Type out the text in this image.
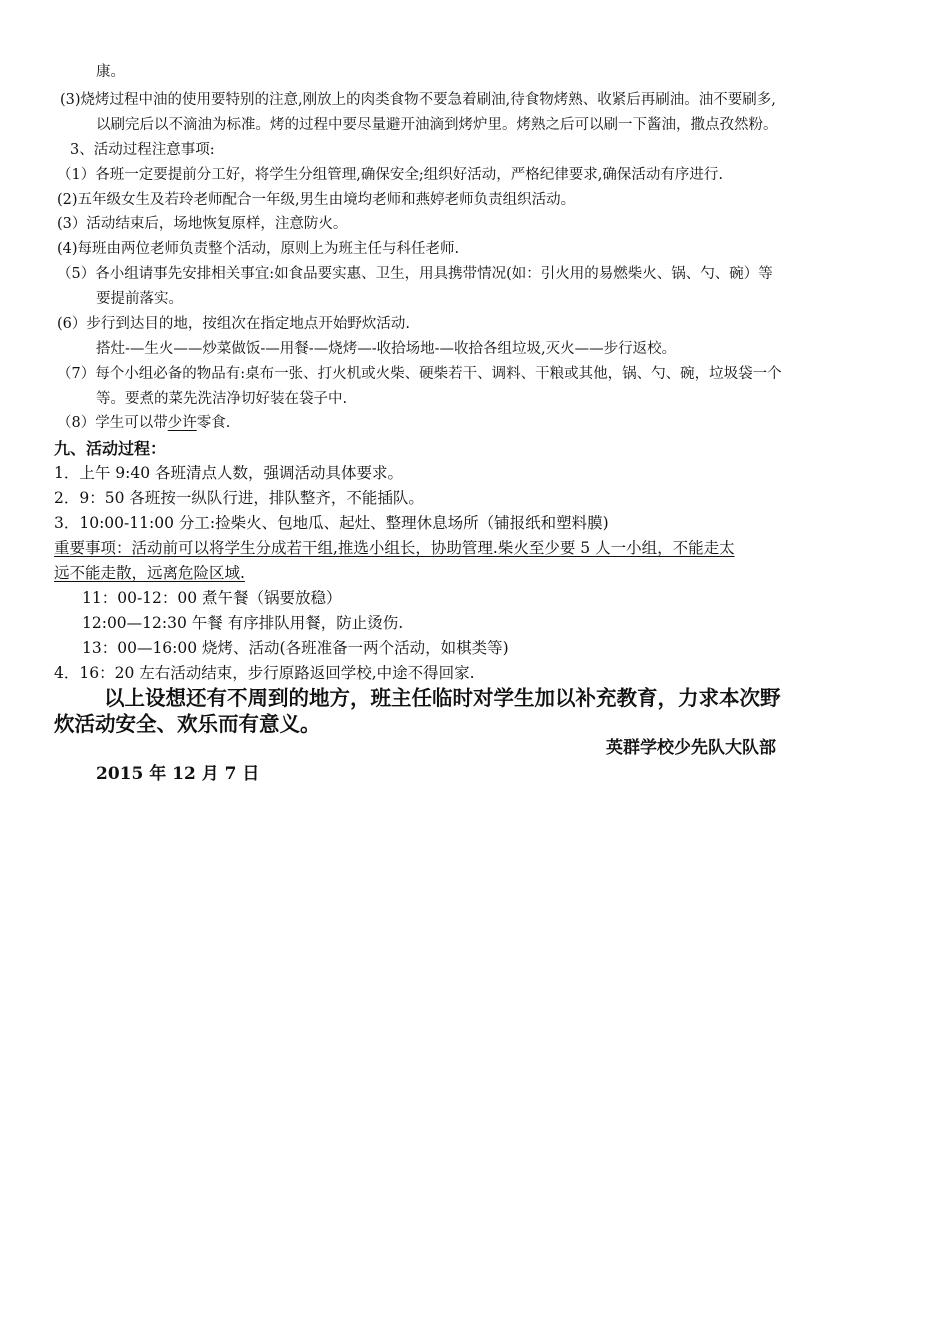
康。
(3)烧烤过程中油的使用要特别的注意,刚放上的肉类食物不要急着刷油,待食物烤熟、收紧后再刷油。油不要刷多,
以刷完后以不滴油为标准。烤的过程中要尽量避开油滴到烤炉里。烤熟之后可以刷一下酱油，撒点孜然粉。
3、活动过程注意事项:
（1）各班一定要提前分工好，将学生分组管理,确保安全;组织好活动，严格纪律要求,确保活动有序进行.
(2)五年级女生及若玲老师配合一年级,男生由境均老师和燕婷老师负责组织活动。
(3）活动结束后，场地恢复原样，注意防火。
(4)每班由两位老师负责整个活动，原则上为班主任与科任老师.
（5）各小组请事先安排相关事宜:如食品要实惠、卫生，用具携带情况(如：引火用的易燃柴火、锅、勺、碗）等
要提前落实。
(6）步行到达目的地，按组次在指定地点开始野炊活动.
搭灶-—生火——炒菜做饭-—用餐-—烧烤—-收拾场地-—收拾各组垃圾,灭火——步行返校。
（7）每个小组必备的物品有:桌布一张、打火机或火柴、硬柴若干、调料、干粮或其他，锅、勺、碗，垃圾袋一个
等。要煮的菜先洗洁净切好装在袋子中.
（8）学生可以带少许零食.
九、活动过程：
1．上午 9:40 各班清点人数，强调活动具体要求。
2．9：50 各班按一纵队行进，排队整齐，不能插队。
3．10:00-11:00 分工:捡柴火、包地瓜、起灶、整理休息场所（铺报纸和塑料膜)
重要事项：活动前可以将学生分成若干组,推选小组长，协助管理.柴火至少要 5 人一小组，不能走太
远不能走散，远离危险区域.
11：00-12：00 煮午餐（锅要放稳）
12:00—12:30 午餐 有序排队用餐，防止烫伤.
13：00—16:00 烧烤、活动(各班准备一两个活动，如棋类等)
4．16：20 左右活动结束，步行原路返回学校,中途不得回家.
以上设想还有不周到的地方，班主任临时对学生加以补充教育，力求本次野
炊活动安全、欢乐而有意义。
英群学校少先队大队部
2015 年 12 月 7 日
